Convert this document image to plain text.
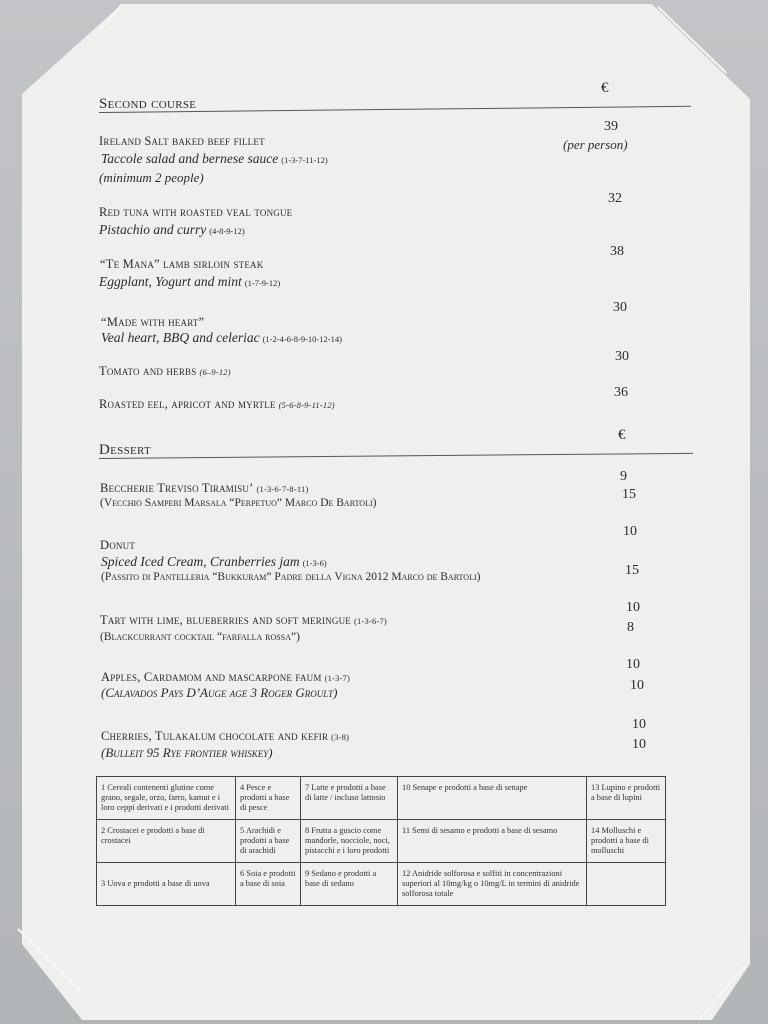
Second course
€
Ireland Salt baked beef fillet
Taccole salad and bernese sauce (1-3-7-11-12)
(minimum 2 people)
39
(per person)
Red tuna with roasted veal tongue
Pistachio and curry (4-8-9-12)
32
“Te Mana” lamb sirloin steak
Eggplant, Yogurt and mint (1-7-9-12)
38
“Made with heart”
Veal heart, BBQ and celeriac (1-2-4-6-8-9-10-12-14)
30
Tomato and herbs (6–9-12)
30
Roasted eel, apricot and myrtle (5-6-8-9-11-12)
36
Dessert
€
Beccherie Treviso Tiramisu’ (1-3-6-7-8-11)
(Vecchio Samperi Marsala “Perpetuo” Marco De Bartoli)
9
15
Donut
Spiced Iced Cream, Cranberries jam (1-3-6)
(Passito di Pantelleria “Bukkuram” Padre della Vigna 2012 Marco de Bartoli)
10
15
Tart with lime, blueberries and soft meringue (1-3-6-7)
(Blackcurrant cocktail “farfalla rossa”)
10
8
Apples, Cardamom and mascarpone faum (1-3-7)
(Calavados Pays D’Auge age 3 Roger Groult)
10
10
Cherries, Tulakalum chocolate and kefir (3-8)
(Bulleit 95 Rye frontier whiskey)
10
10
1 Cereali contenenti glutine come grano, segale, orzo, farro, kamut e i loro ceppi derivati e i prodotti derivati	4 Pesce e prodotti a base di pesce	7 Latte e prodotti a base di latte / incluso lattosio	10 Senape e prodotti a base di senape	13 Lupino e prodotti a base di lupini
2 Crostacei e prodotti a base di crostacei	5 Arachidi e prodotti a base di arachidi	8 Frutta a guscio come mandorle, nocciole, noci, pistacchi e i loro prodotti	11 Semi di sesamo e prodotti a base di sesamo	14 Molluschi e prodotti a base di molluschi
3 Uova e prodotti a base di uova	6 Soia e prodotti a base di soia	9 Sedano e prodotti a base di sedano	12 Anidride solforosa e solfiti in concentrazioni superiori al 10mg/kg o 10mg/L in termini di anidride solforosa totale	
